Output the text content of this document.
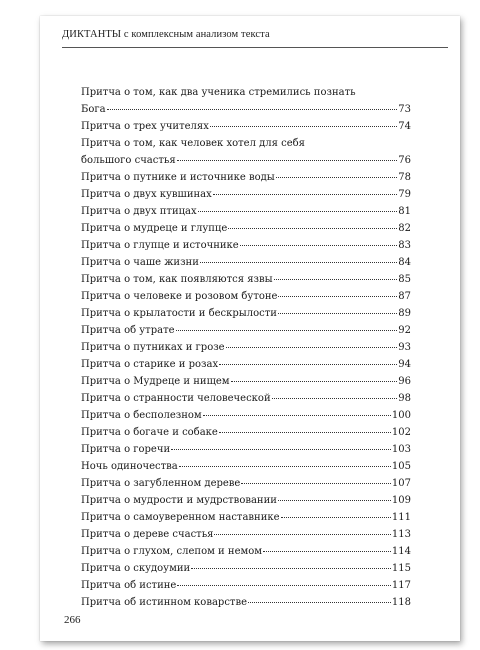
ДИКТАНТЫ с комплексным анализом текста
Притча о том, как два ученика стремились познать
Бога	73
Притча о трех учителях	74
Притча о том, как человек хотел для себя
большого счастья	76
Притча о путнике и источнике воды	78
Притча о двух кувшинах	79
Притча о двух птицах	81
Притча о мудреце и глупце	82
Притча о глупце и источнике	83
Притча о чаше жизни	84
Притча о том, как появляются язвы	85
Притча о человеке и розовом бутоне	87
Притча о крылатости и бескрылости	89
Притча об утрате	92
Притча о путниках и грозе	93
Притча о старике и розах	94
Притча о Мудреце и нищем	96
Притча о странности человеческой	98
Притча о бесполезном	100
Притча о богаче и собаке	102
Притча о горечи	103
Ночь одиночества	105
Притча о загубленном дереве	107
Притча о мудрости и мудрствовании	109
Притча о самоуверенном наставнике	111
Притча о дереве счастья	113
Притча о глухом, слепом и немом	114
Притча о скудоумии	115
Притча об истине	117
Притча об истинном коварстве	118
266
